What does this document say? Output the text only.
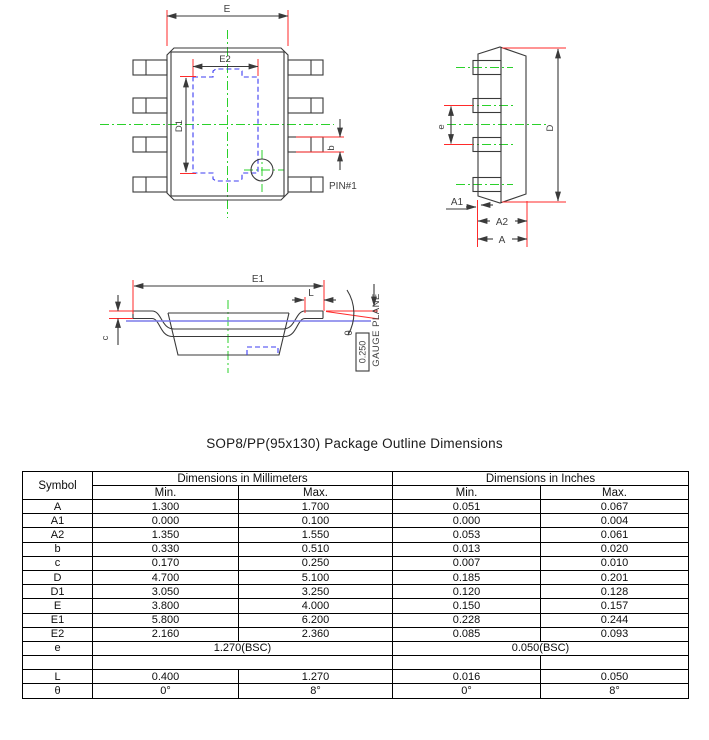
E
E2
D1
b
PIN#1
e	D
A1
A2
A
E1
c
L
θ
0.250 GAUGE PLANE
SOP8/PP(95x130) Package Outline Dimensions
Symbol	Dimensions in Millimeters		Dimensions in Inches	
	Min.	Max.	Min.	Max.
A	1.300	1.700	0.051	0.067
A1	0.000	0.100	0.000	0.004
A2	1.350	1.550	0.053	0.061
b	0.330	0.510	0.013	0.020
c	0.170	0.250	0.007	0.010
D	4.700	5.100	0.185	0.201
D1	3.050	3.250	0.120	0.128
E	3.800	4.000	0.150	0.157
E1	5.800	6.200	0.228	0.244
E2	2.160	2.360	0.085	0.093
e	1.270(BSC)		0.050(BSC)	

L	0.400	1.270	0.016	0.050
θ	0°	8°	0°	8°
